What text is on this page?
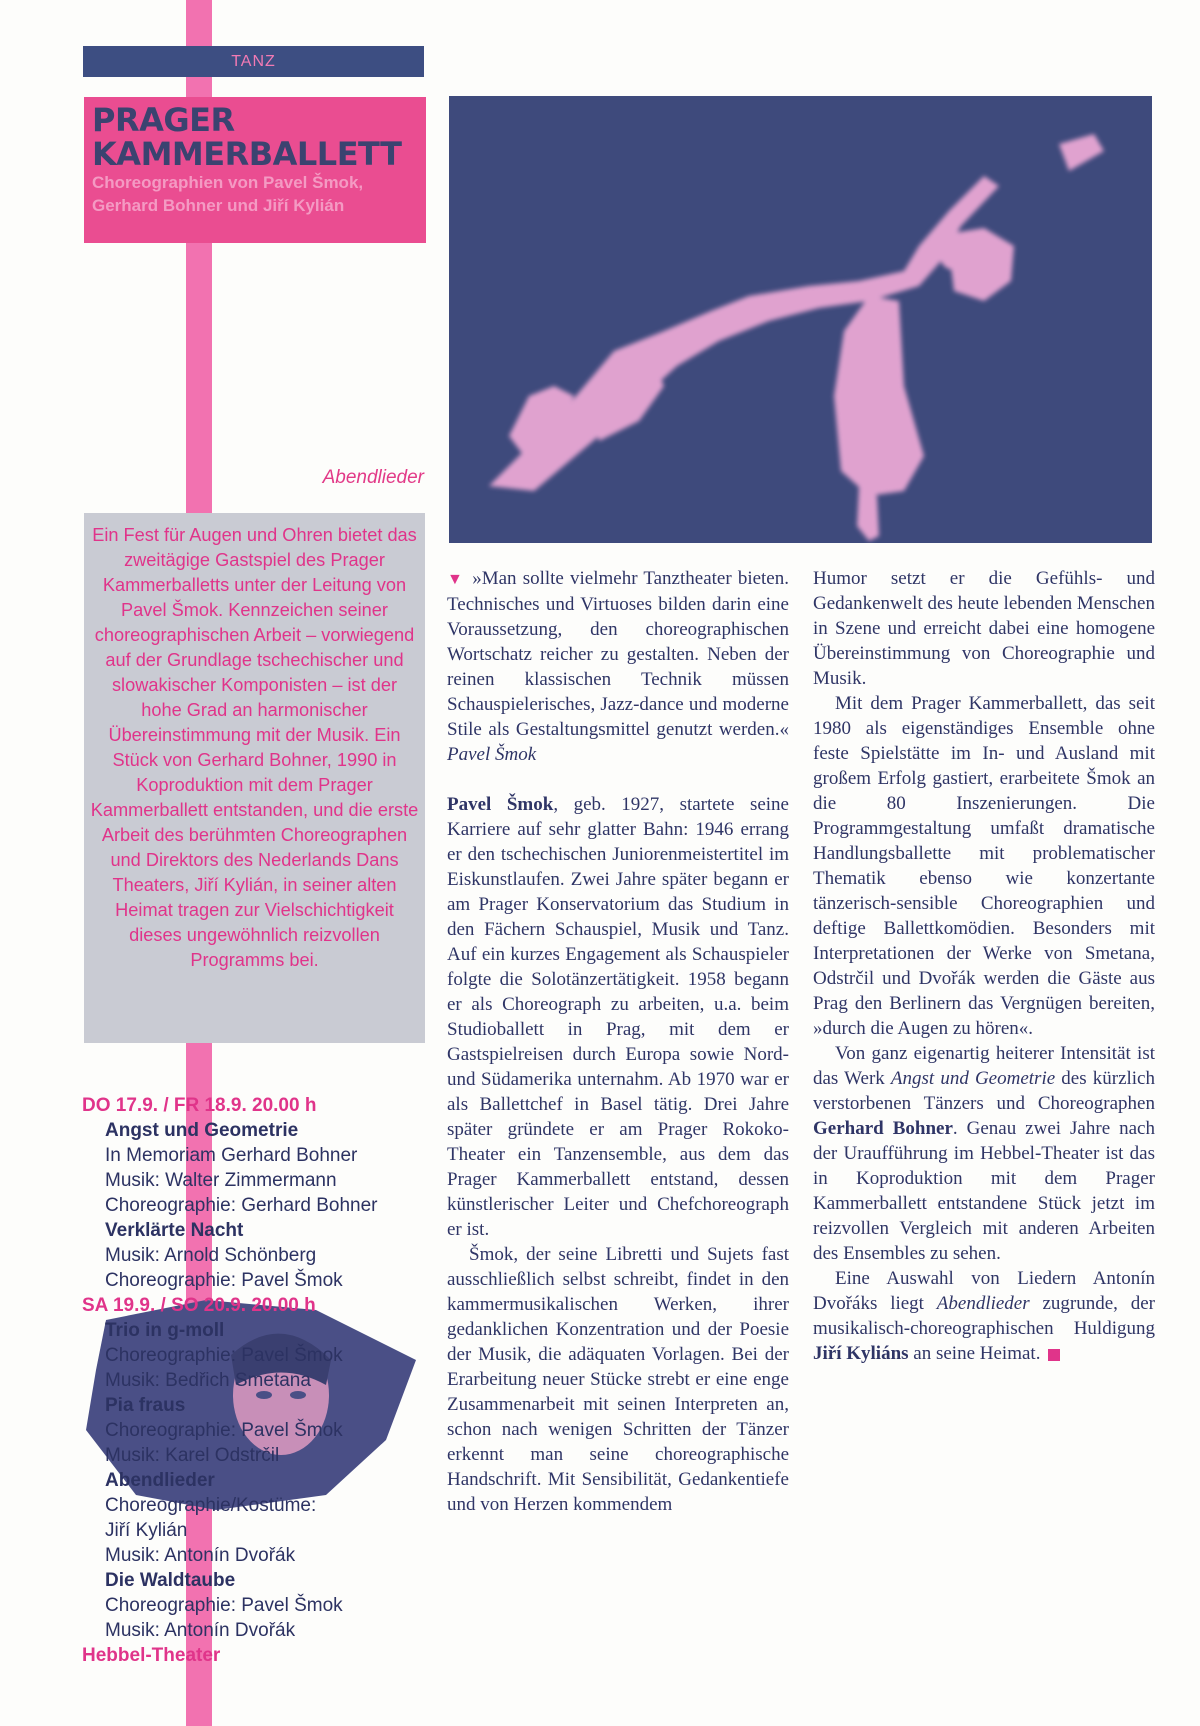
TANZ
PRAGER
KAMMERBALLETT
Choreographien von Pavel Šmok,
Gerhard Bohner und Jiří Kylián
Abendlieder
Ein Fest für Augen und Ohren bietet das zweitägige Gastspiel des Prager Kammerballetts unter der Leitung von Pavel Šmok. Kennzeichen seiner choreographischen Arbeit – vorwiegend auf der Grundlage tschechischer und slowakischer Komponisten – ist der hohe Grad an harmonischer Übereinstimmung mit der Musik. Ein Stück von Gerhard Bohner, 1990 in Koproduktion mit dem Prager Kammerballett entstanden, und die erste Arbeit des berühmten Choreographen und Direktors des Nederlands Dans Theaters, Jiří Kylián, in seiner alten Heimat tragen zur Vielschichtigkeit dieses ungewöhnlich reizvollen Programms bei.
DO 17.9. / FR 18.9. 20.00 h
Angst und Geometrie
In Memoriam Gerhard Bohner
Musik: Walter Zimmermann
Choreographie: Gerhard Bohner
Verklärte Nacht
Musik: Arnold Schönberg
Choreographie: Pavel Šmok
SA 19.9. / SO 20.9. 20.00 h
Trio in g-moll
Choreographie: Pavel Šmok
Musik: Bedřich Smetana
Pia fraus
Choreographie: Pavel Šmok
Musik: Karel Odstrčil
Abendlieder
Choreographie/Kostüme:
Jiří Kylián
Musik: Antonín Dvořák
Die Waldtaube
Choreographie: Pavel Šmok
Musik: Antonín Dvořák
Hebbel-Theater

▼ »Man sollte vielmehr Tanztheater bieten. Technisches und Virtuoses bilden darin eine Voraussetzung, den choreographischen Wortschatz reicher zu gestalten. Neben der reinen klassischen Technik müssen Schauspielerisches, Jazz-dance und moderne Stile als Gestaltungsmittel genutzt werden.« Pavel Šmok

Pavel Šmok, geb. 1927, startete seine Karriere auf sehr glatter Bahn: 1946 errang er den tschechischen Juniorenmeistertitel im Eiskunstlaufen. Zwei Jahre später begann er am Prager Konservatorium das Studium in den Fächern Schauspiel, Musik und Tanz. Auf ein kurzes Engagement als Schauspieler folgte die Solotänzertätigkeit. 1958 begann er als Choreograph zu arbeiten, u.a. beim Studioballett in Prag, mit dem er Gastspielreisen durch Europa sowie Nord- und Südamerika unternahm. Ab 1970 war er als Ballettchef in Basel tätig. Drei Jahre später gründete er am Prager Rokoko-Theater ein Tanzensemble, aus dem das Prager Kammerballett entstand, dessen künstlerischer Leiter und Chefchoreograph er ist.

Šmok, der seine Libretti und Sujets fast ausschließlich selbst schreibt, findet in den kammermusikalischen Werken, ihrer gedanklichen Konzentration und der Poesie der Musik, die adäquaten Vorlagen. Bei der Erarbeitung neuer Stücke strebt er eine enge Zusammenarbeit mit seinen Interpreten an, schon nach wenigen Schritten der Tänzer erkennt man seine choreographische Handschrift. Mit Sensibilität, Gedankentiefe und von Herzen kommendem

Humor setzt er die Gefühls- und Gedankenwelt des heute lebenden Menschen in Szene und erreicht dabei eine homogene Übereinstimmung von Choreographie und Musik.

Mit dem Prager Kammerballett, das seit 1980 als eigenständiges Ensemble ohne feste Spielstätte im In- und Ausland mit großem Erfolg gastiert, erarbeitete Šmok an die 80 Inszenierungen. Die Programmgestaltung umfaßt dramatische Handlungsballette mit problematischer Thematik ebenso wie konzertante tänzerisch-sensible Choreographien und deftige Ballettkomödien. Besonders mit Interpretationen der Werke von Smetana, Odstrčil und Dvořák werden die Gäste aus Prag den Berlinern das Vergnügen bereiten, »durch die Augen zu hören«.

Von ganz eigenartig heiterer Intensität ist das Werk Angst und Geometrie des kürzlich verstorbenen Tänzers und Choreographen Gerhard Bohner. Genau zwei Jahre nach der Uraufführung im Hebbel-Theater ist das in Koproduktion mit dem Prager Kammerballett entstandene Stück jetzt im reizvollen Vergleich mit anderen Arbeiten des Ensembles zu sehen.

Eine Auswahl von Liedern Antonín Dvořáks liegt Abendlieder zugrunde, der musikalisch-choreographischen Huldigung Jiří Kyliáns an seine Heimat.
